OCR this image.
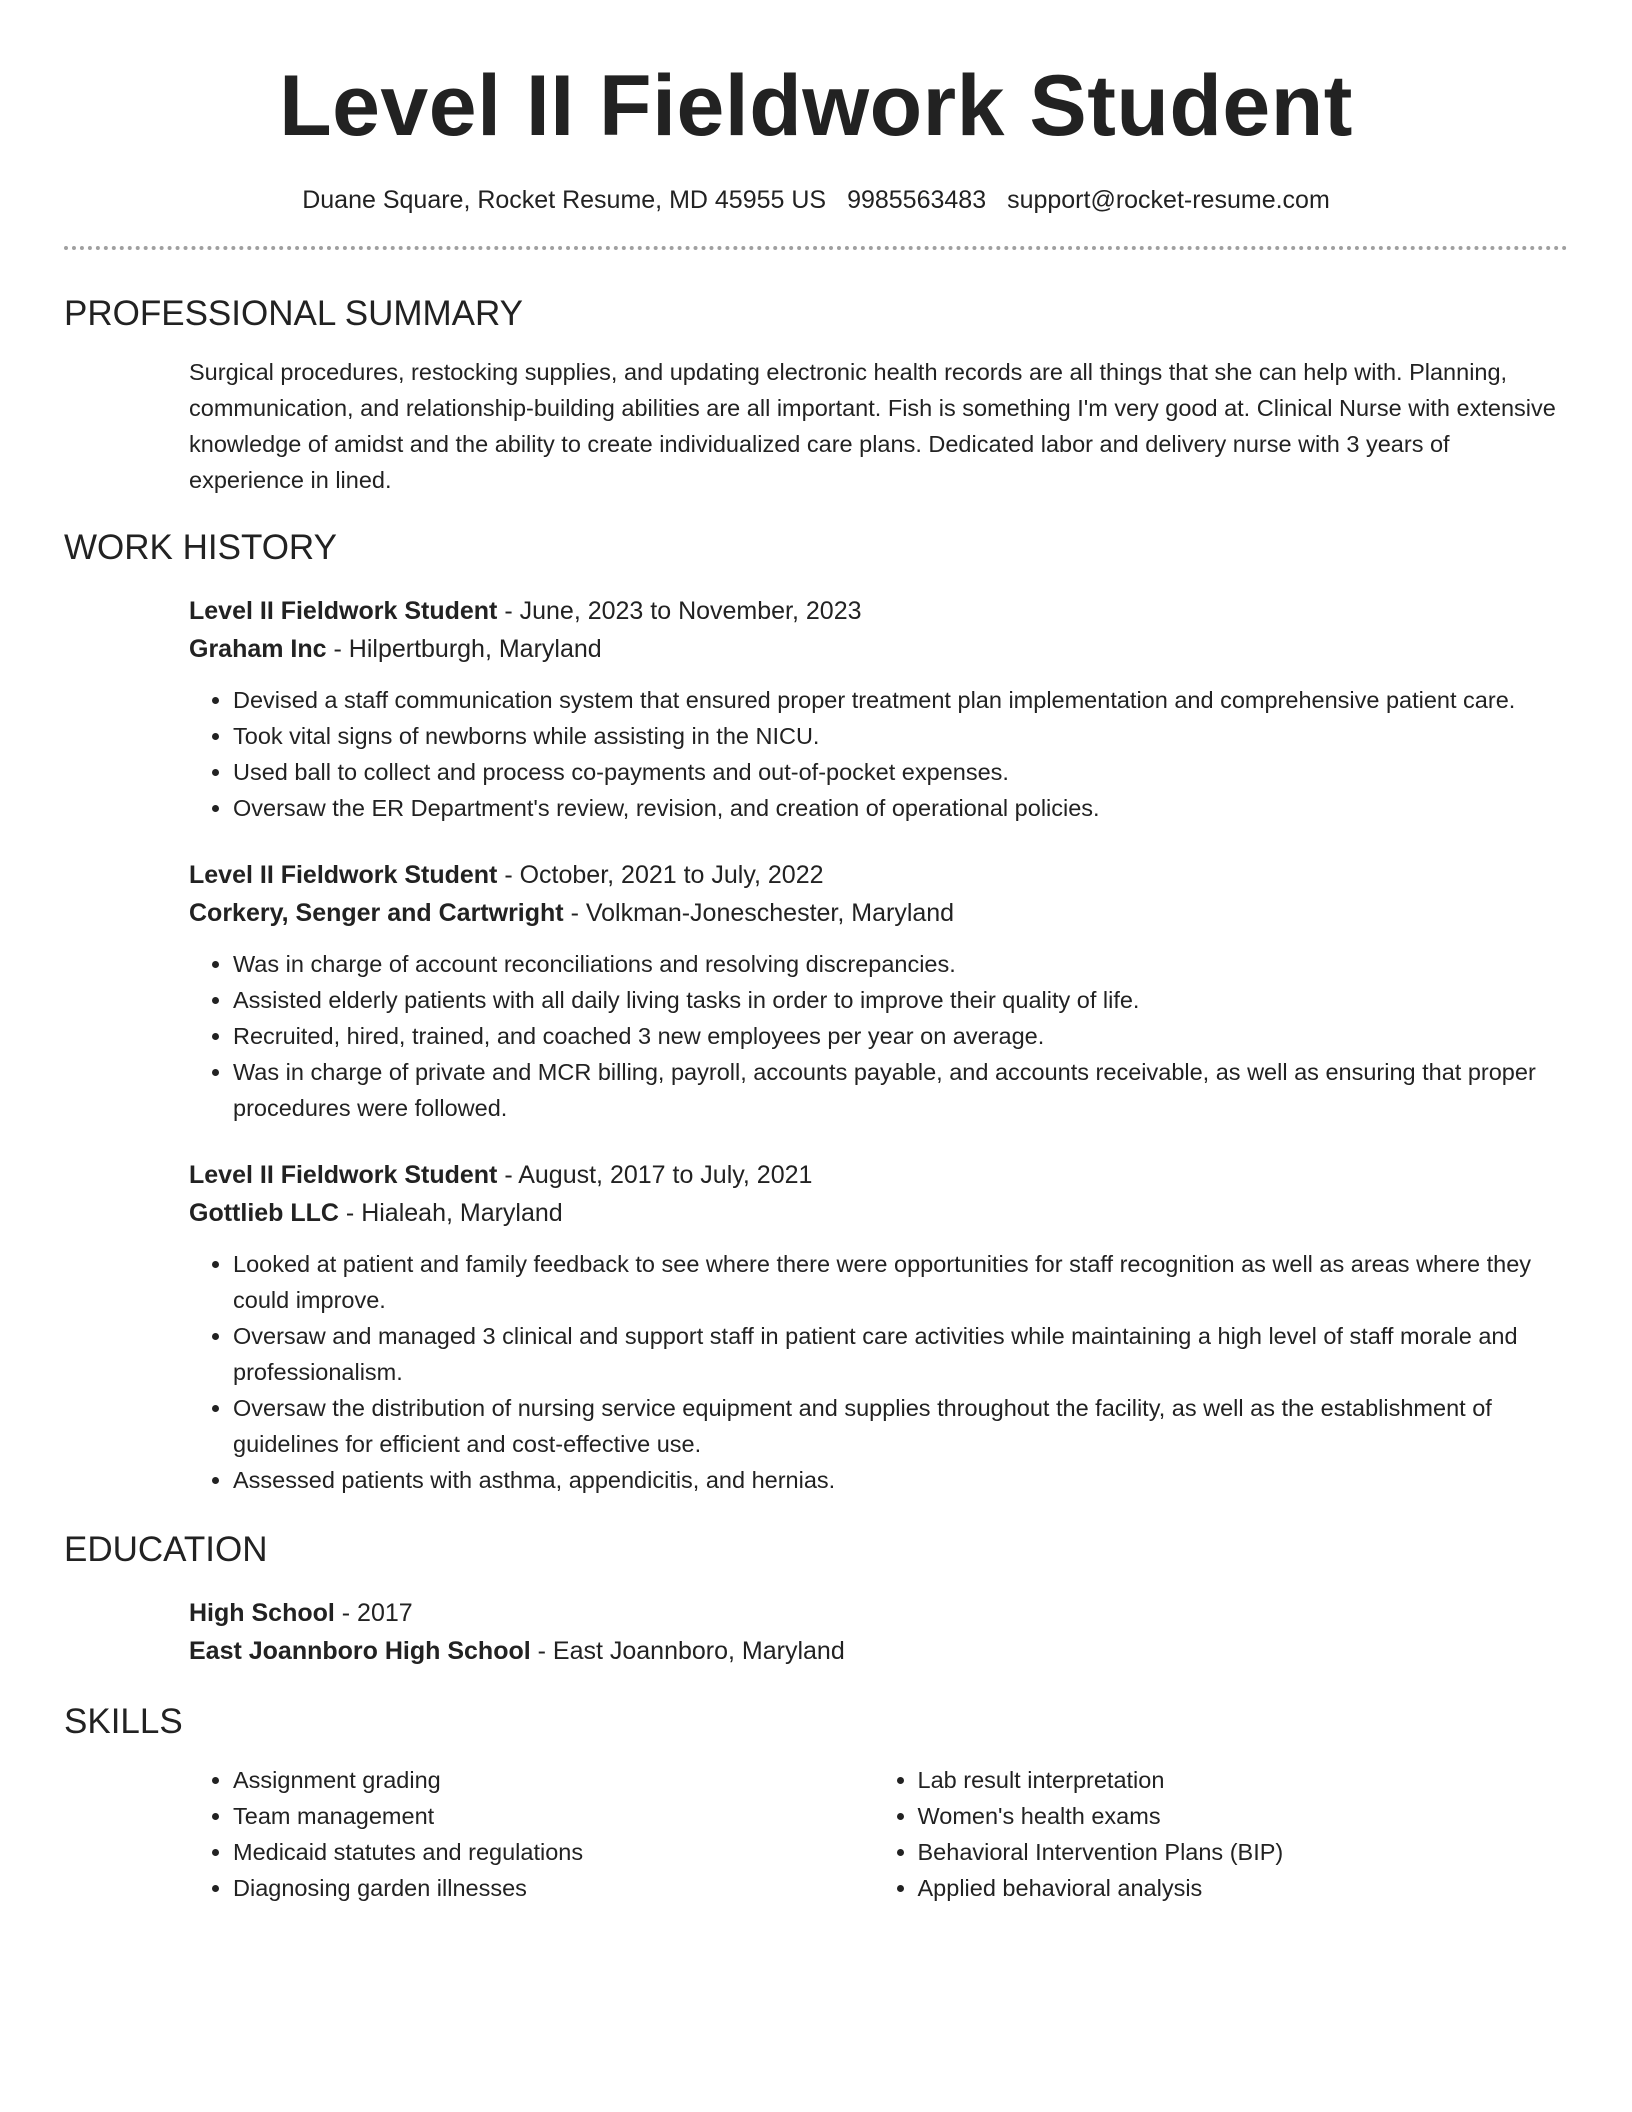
Level II Fieldwork Student
Duane Square, Rocket Resume, MD 45955 US 9985563483 support@rocket-resume.com
PROFESSIONAL SUMMARY
Surgical procedures, restocking supplies, and updating electronic health records are all things that she can help with. Planning, communication, and relationship-building abilities are all important. Fish is something I'm very good at. Clinical Nurse with extensive knowledge of amidst and the ability to create individualized care plans. Dedicated labor and delivery nurse with 3 years of experience in lined.
WORK HISTORY
Level II Fieldwork Student - June, 2023 to November, 2023
Graham Inc - Hilpertburgh, Maryland
• Devised a staff communication system that ensured proper treatment plan implementation and comprehensive patient care.
• Took vital signs of newborns while assisting in the NICU.
• Used ball to collect and process co-payments and out-of-pocket expenses.
• Oversaw the ER Department's review, revision, and creation of operational policies.
Level II Fieldwork Student - October, 2021 to July, 2022
Corkery, Senger and Cartwright - Volkman-Joneschester, Maryland
• Was in charge of account reconciliations and resolving discrepancies.
• Assisted elderly patients with all daily living tasks in order to improve their quality of life.
• Recruited, hired, trained, and coached 3 new employees per year on average.
• Was in charge of private and MCR billing, payroll, accounts payable, and accounts receivable, as well as ensuring that proper procedures were followed.
Level II Fieldwork Student - August, 2017 to July, 2021
Gottlieb LLC - Hialeah, Maryland
• Looked at patient and family feedback to see where there were opportunities for staff recognition as well as areas where they could improve.
• Oversaw and managed 3 clinical and support staff in patient care activities while maintaining a high level of staff morale and professionalism.
• Oversaw the distribution of nursing service equipment and supplies throughout the facility, as well as the establishment of guidelines for efficient and cost-effective use.
• Assessed patients with asthma, appendicitis, and hernias.
EDUCATION
High School - 2017
East Joannboro High School - East Joannboro, Maryland
SKILLS
• Assignment grading
• Team management
• Medicaid statutes and regulations
• Diagnosing garden illnesses
• Lab result interpretation
• Women's health exams
• Behavioral Intervention Plans (BIP)
• Applied behavioral analysis
